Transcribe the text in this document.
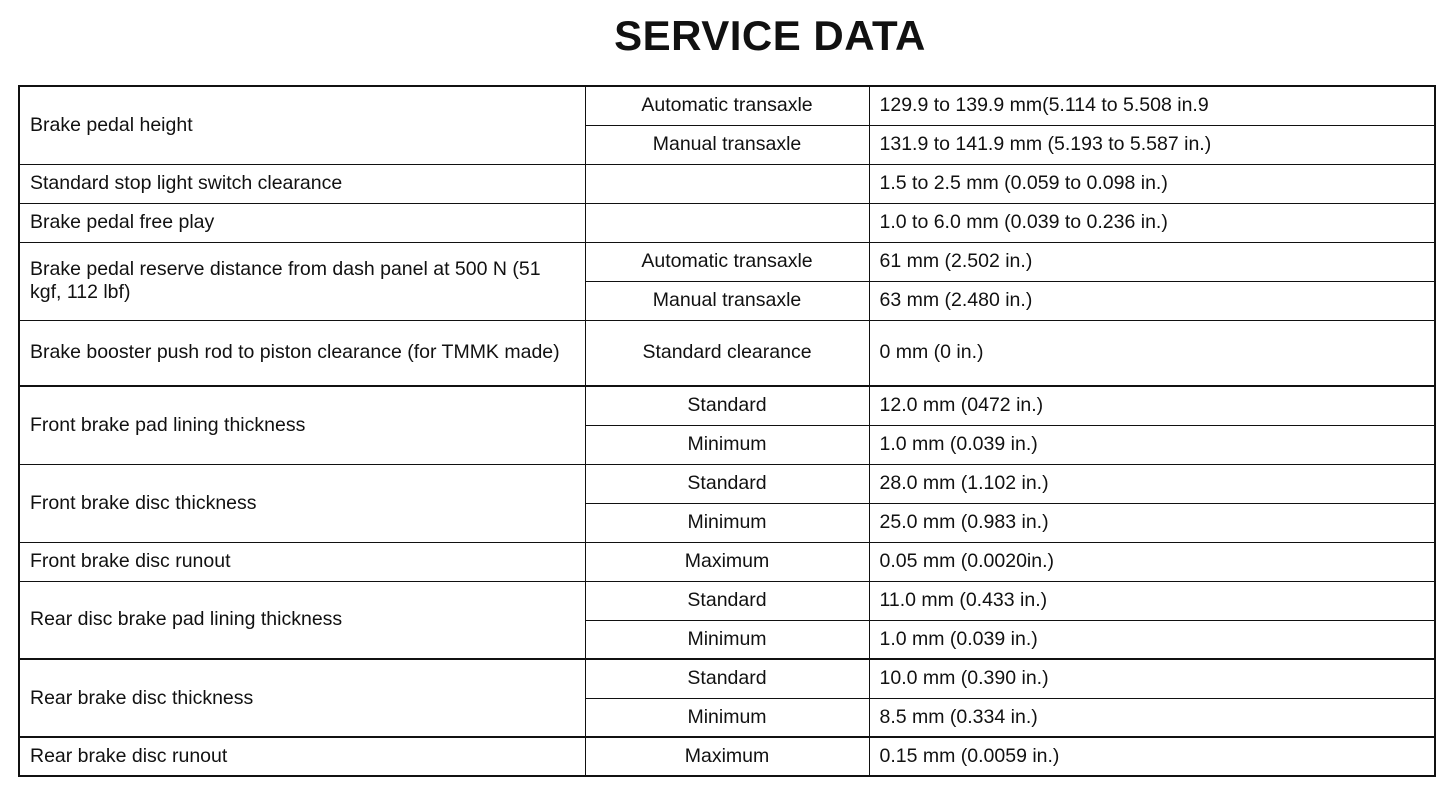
SERVICE DATA
Brake pedal height	Automatic transaxle	129.9 to 139.9 mm(5.114 to 5.508 in.9
	Manual transaxle	131.9 to 141.9 mm (5.193 to 5.587 in.)
Standard stop light switch clearance		1.5 to 2.5 mm (0.059 to 0.098 in.)
Brake pedal free play		1.0 to 6.0 mm (0.039 to 0.236 in.)
Brake pedal reserve distance from dash panel at 500 N (51 kgf, 112 lbf)	Automatic transaxle	61 mm (2.502 in.)
	Manual transaxle	63 mm (2.480 in.)
Brake booster push rod to piston clearance (for TMMK made)	Standard clearance	0 mm (0 in.)
Front brake pad lining thickness	Standard	12.0 mm (0472 in.)
	Minimum	1.0 mm (0.039 in.)
Front brake disc thickness	Standard	28.0 mm (1.102 in.)
	Minimum	25.0 mm (0.983 in.)
Front brake disc runout	Maximum	0.05 mm (0.0020in.)
Rear disc brake pad lining thickness	Standard	11.0 mm (0.433 in.)
	Minimum	1.0 mm (0.039 in.)
Rear brake disc thickness	Standard	10.0 mm (0.390 in.)
	Minimum	8.5 mm (0.334 in.)
Rear brake disc runout	Maximum	0.15 mm (0.0059 in.)
